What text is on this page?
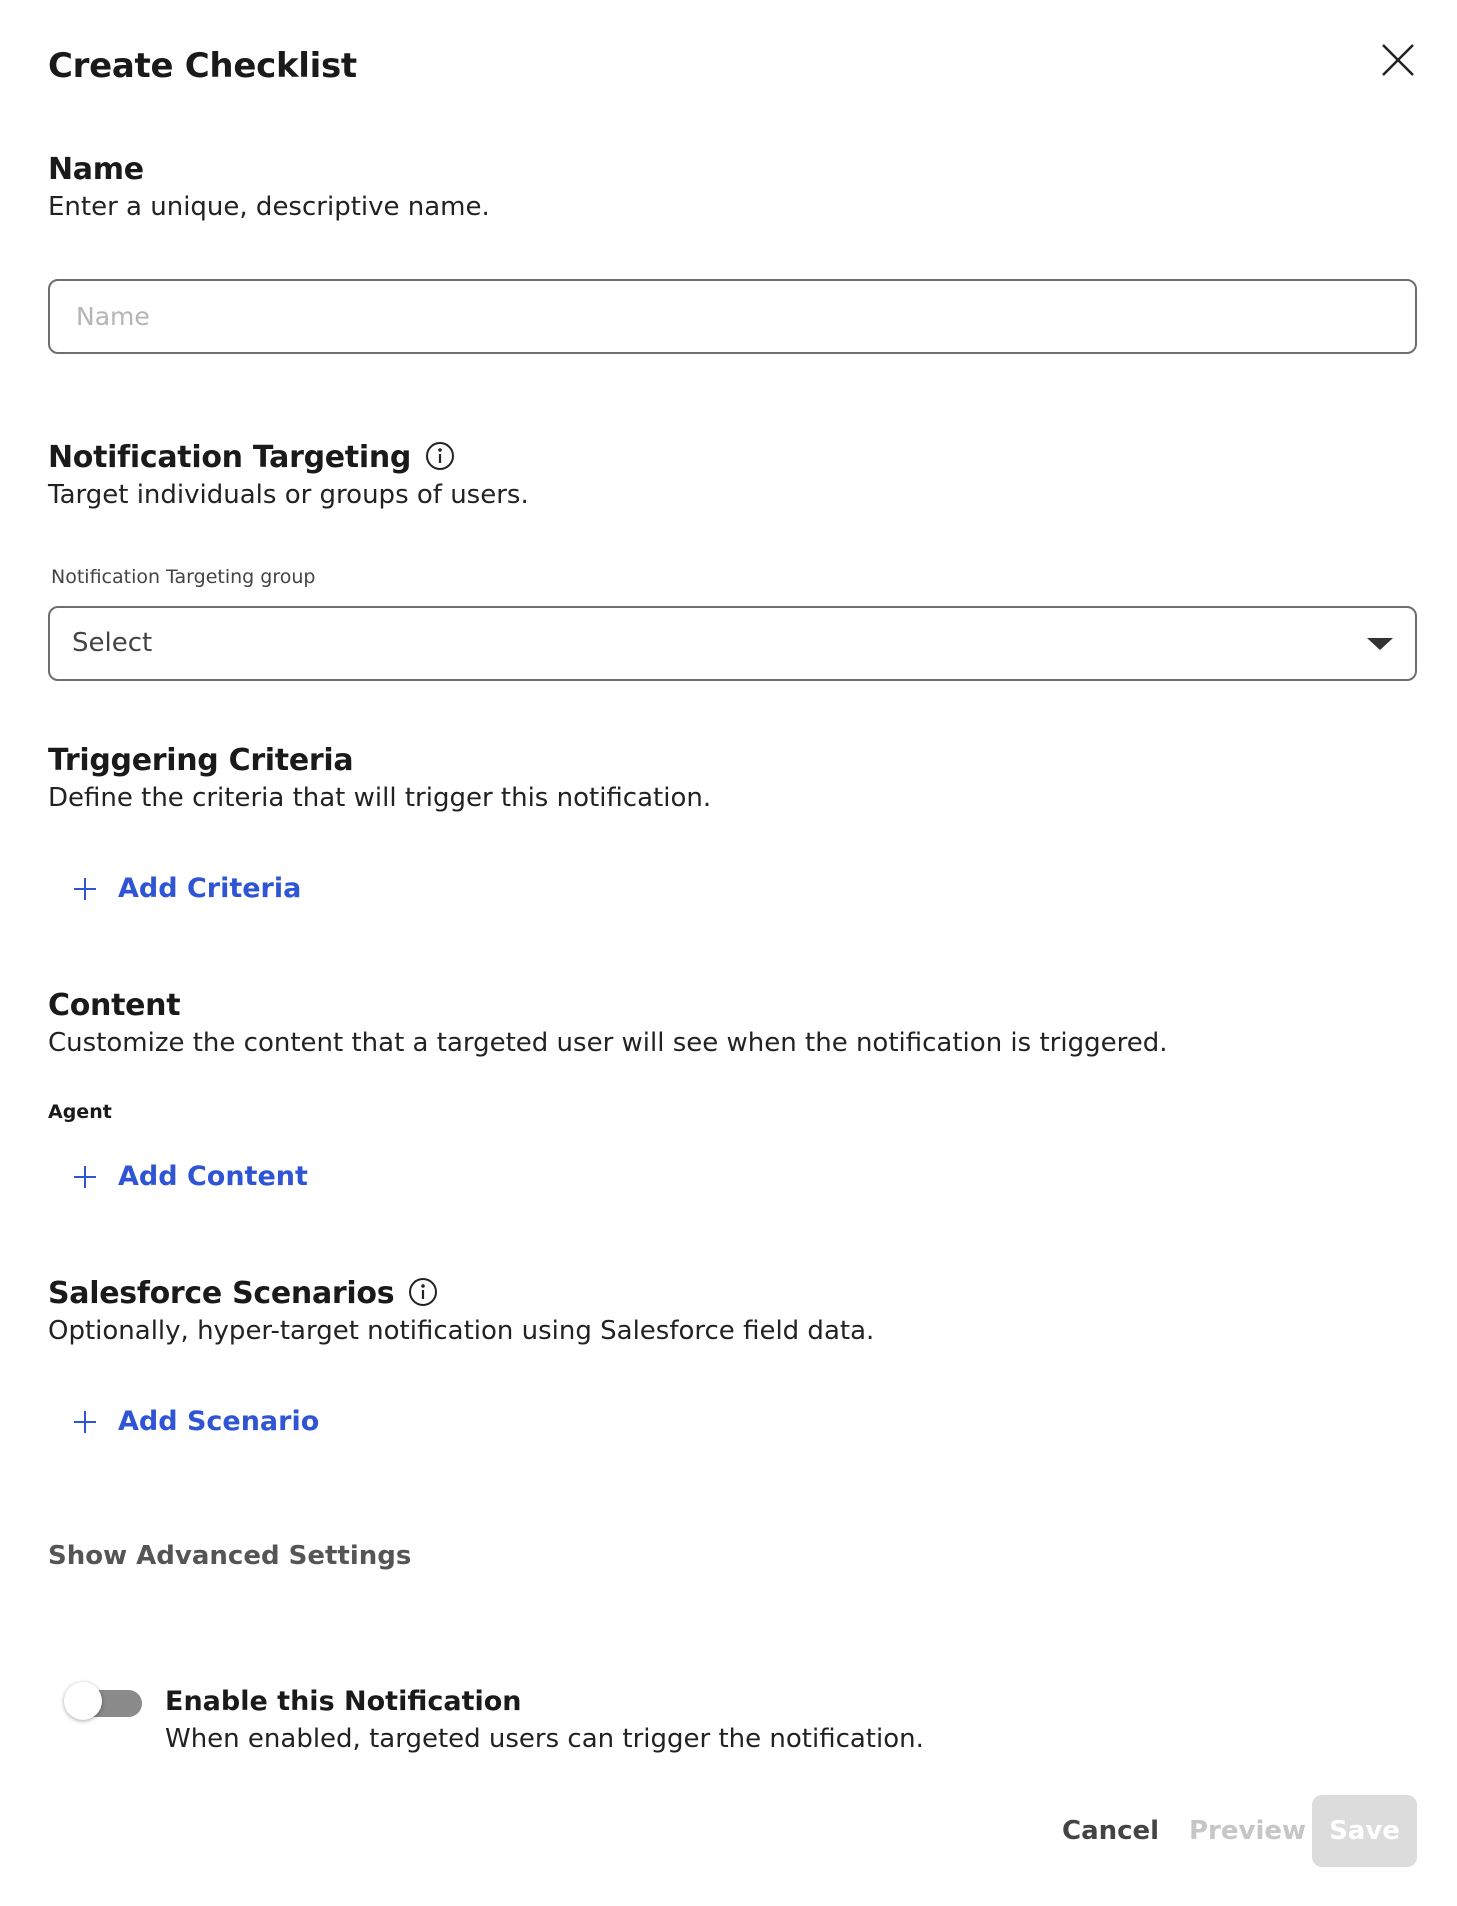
Create Checklist
Name
Enter a unique, descriptive name.
Name
Notification Targeting
Target individuals or groups of users.
Notification Targeting group
Select
Triggering Criteria
Define the criteria that will trigger this notification.
Add Criteria
Content
Customize the content that a targeted user will see when the notification is triggered.
Agent
Add Content
Salesforce Scenarios
Optionally, hyper-target notification using Salesforce field data.
Add Scenario
Show Advanced Settings
Enable this Notification
When enabled, targeted users can trigger the notification.
Cancel Preview Save
